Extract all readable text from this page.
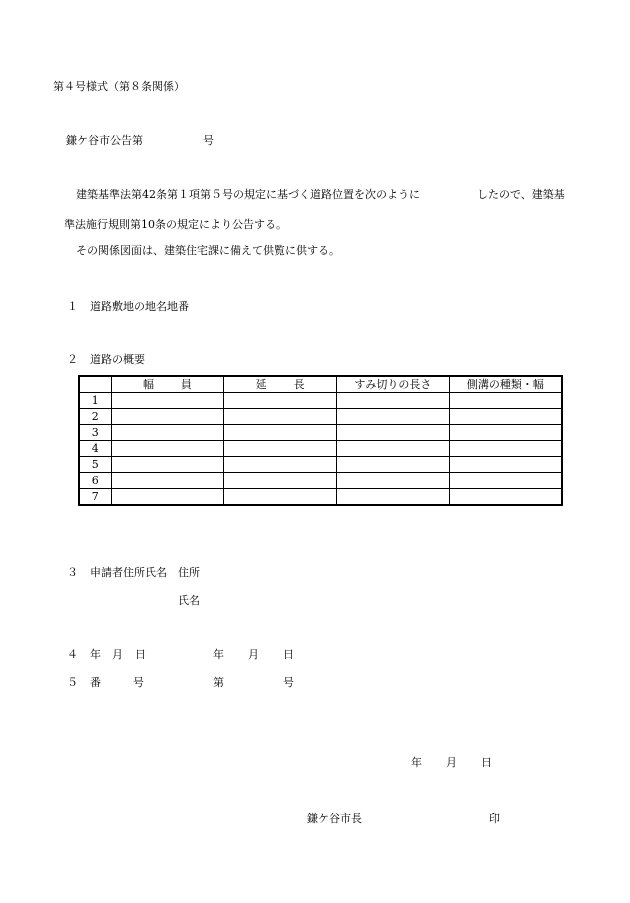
第４号様式（第８条関係）
鎌ケ谷市公告第	号
建築基準法第42条第１項第５号の規定に基づく道路位置を次のように	したので、建築基
準法施行規則第10条の規定により公告する。
その関係図面は、建築住宅課に備えて供覧に供する。
１ 道路敷地の地名地番
２ 道路の概要

	幅 員	延 長	すみ切りの長さ	側溝の種類・幅
1				
2				
3				
4				
5				
6				
7				
３ 申請者住所氏名 住所
氏名
４ 年 月 日	年 月 日
５ 番	号	第	号
年 月 日
鎌ケ谷市長	印
